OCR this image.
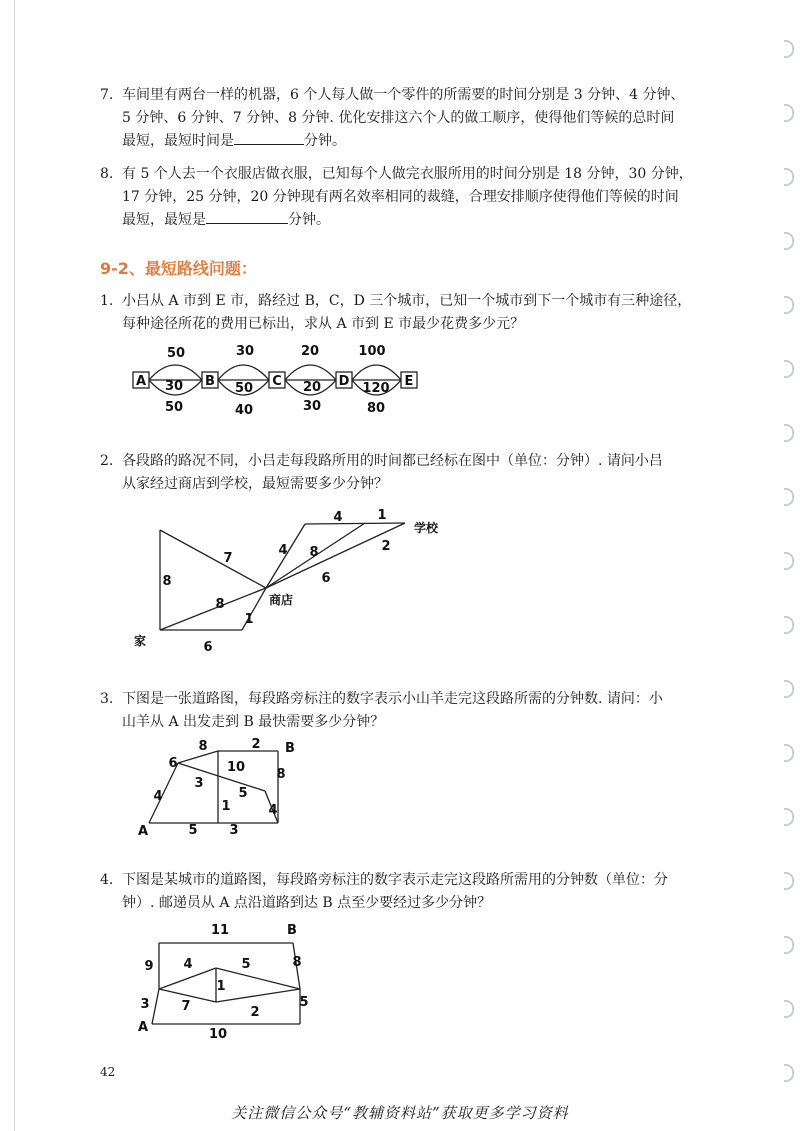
7. 车间里有两台一样的机器，6 个人每人做一个零件的所需要的时间分别是 3 分钟、4 分钟、
5 分钟、6 分钟、7 分钟、8 分钟. 优化安排这六个人的做工顺序，使得他们等候的总时间
最短，最短时间是	分钟。
8. 有 5 个人去一个衣服店做衣服，已知每个人做完衣服所用的时间分别是 18 分钟，30 分钟，
17 分钟，25 分钟，20 分钟现有两名效率相同的裁缝，合理安排顺序使得他们等候的时间
最短，最短是	分钟。
9-2、最短路线问题：
1. 小吕从 A 市到 E 市，路经过 B，C，D 三个城市，已知一个城市到下一个城市有三种途径，
每种途径所花的费用已标出，求从 A 市到 E 市最少花费多少元？
A	B	C	D	E
50	30	20	100
30	50	20	120
50	40	30	80
2. 各段路的路况不同，小吕走每段路所用的时间都已经标在图中（单位：分钟）. 请问小吕
从家经过商店到学校，最短需要多少分钟？
8
7
8
1
6
4 8
6
4	1
2
家
商店
学校
3. 下图是一张道路图，每段路旁标注的数字表示小山羊走完这段路所需的分钟数. 请问：小
山羊从 A 出发走到 B 最快需要多少分钟？
6
8	2
10 8
3
5
4
1	4
5 3
A
B
4. 下图是某城市的道路图，每段路旁标注的数字表示走完这段路所需用的分钟数（单位：分
钟）. 邮递员从 A 点沿道路到达 B 点至少要经过多少分钟？
11
9 4	5	8
1
3 7	2
5
10
A
B
42
关注微信公众号“教辅资料站”获取更多学习资料
